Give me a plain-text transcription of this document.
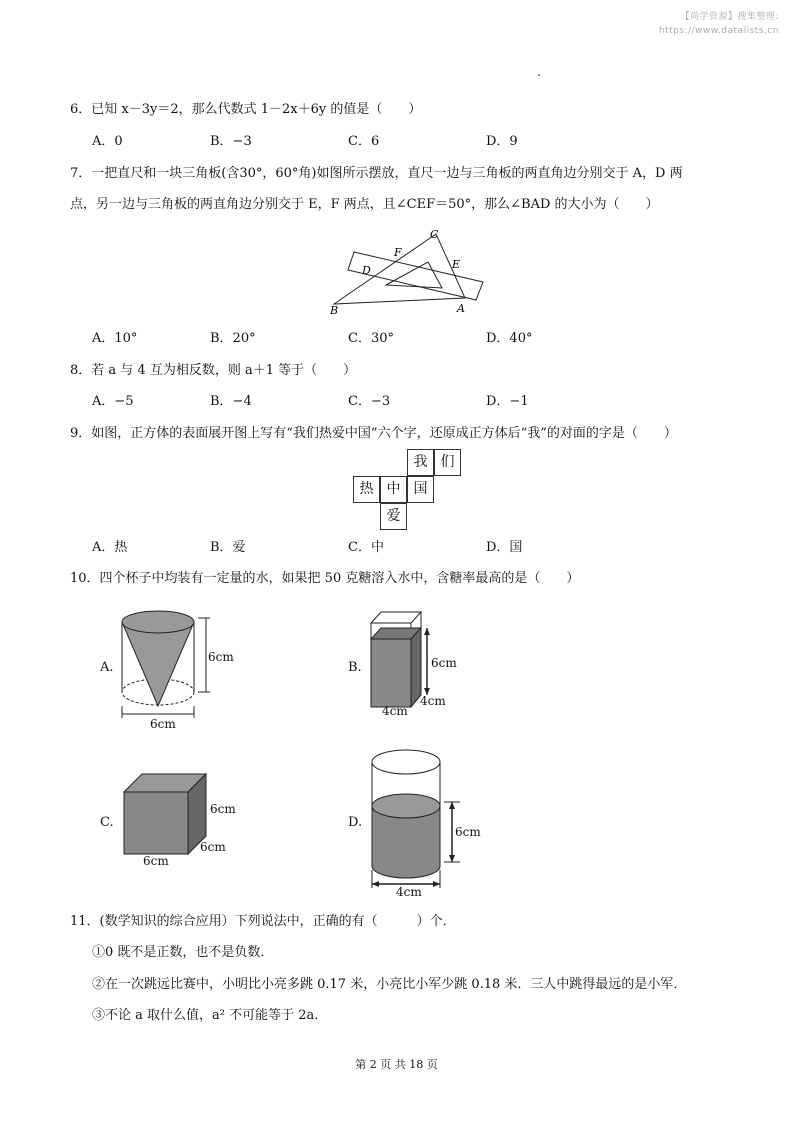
【尚学资源】搜集整理:
https://www.datalists.cn
6．已知 x－3y＝2，那么代数式 1－2x＋6y 的值是（　　）
A．0	B．−3	C．6	D．9
7．一把直尺和一块三角板(含30°，60°角)如图所示摆放，直尺一边与三角板的两直角边分别交于 A，D 两
点，另一边与三角板的两直角边分别交于 E，F 两点，且∠CEF＝50°，那么∠BAD 的大小为（　　）
C
F
E
D
B	A
A．10°	B．20°	C．30°	D．40°
8．若 a 与 4 互为相反数，则 a＋1 等于（　　）
A．−5	B．−4	C．−3	D．−1
9．如图，正方体的表面展开图上写有“我们热爱中国”六个字，还原成正方体后“我”的对面的字是（　　）
我 们
热 中 国
爱
A．热	B．爱	C．中	D．国
10．四个杯子中均装有一定量的水，如果把 50 克糖溶入水中，含糖率最高的是（　　）
A.
6cm
6cm
B.	6cm
4cm
4cm
C.
6cm
6cm
6cm
D.
6cm
4cm
11．(数学知识的综合应用）下列说法中，正确的有（　　　）个．
①0 既不是正数，也不是负数．
②在一次跳远比赛中，小明比小亮多跳 0.17 米，小亮比小军少跳 0.18 米．三人中跳得最远的是小军．
③不论 a 取什么值，a² 不可能等于 2a．
第 2 页 共 18 页
